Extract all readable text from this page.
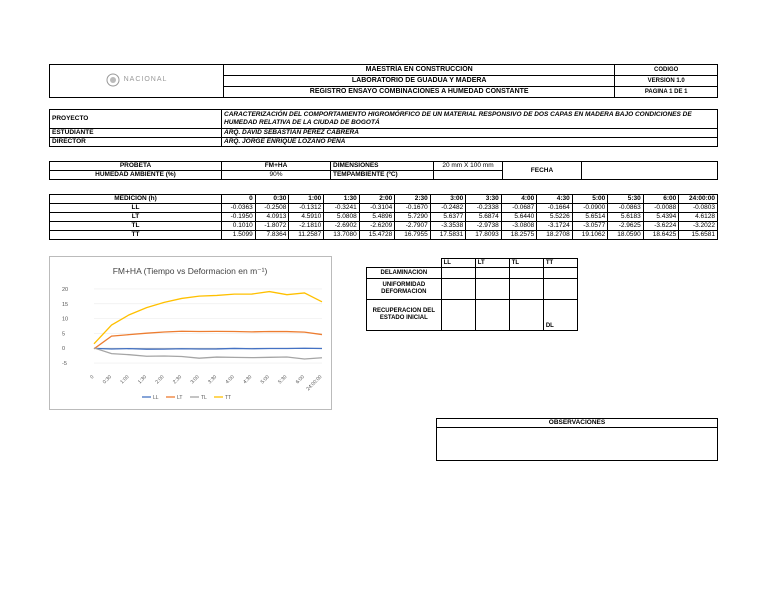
NACIONAL	MAESTRÍA EN CONSTRUCCIÓN	CODIGO
	LABORATORIO DE GUADUA Y MADERA	VERSION 1.0
	REGISTRO ENSAYO COMBINACIONES A HUMEDAD CONSTANTE	PAGINA 1 DE 1
PROYECTO	CARACTERIZACIÓN DEL COMPORTAMIENTO HIGROMÓRFICO DE UN MATERIAL RESPONSIVO DE DOS CAPAS EN MADERA BAJO CONDICIONES DE HUMEDAD RELATIVA DE LA CIUDAD DE BOGOTÁ
ESTUDIANTE	ARQ. DAVID SEBASTIAN PÉREZ CABRERA
DIRECTOR	ARQ. JORGE ENRIQUE LOZANO PEÑA
PROBETA	FM+HA	DIMENSIONES	20 mm X 100 mm	FECHA	
HUMEDAD AMBIENTE (%)	90%	TEMPAMBIENTE (ºC)			
MEDICION (h)	0	0:30	1:00	1:30	2:00	2:30	3:00	3:30	4:00	4:30	5:00	5:30	6:00	24:00:00
LL	-0.0363	-0.2508	-0.1312	-0.3241	-0.3104	-0.1670	-0.2482	-0.2338	-0.0687	-0.1664	-0.0900	-0.0863	-0.0088	-0.0803
LT	-0.1950	4.0913	4.5910	5.0808	5.4896	5.7290	5.6377	5.6874	5.6440	5.5226	5.6514	5.6183	5.4394	4.6128
TL	0.1010	-1.8072	-2.1810	-2.6902	-2.6209	-2.7907	-3.3538	-2.9738	-3.0808	-3.1724	-3.0577	-2.9625	-3.6224	-3.2022
TT	1.5099	7.8364	11.2587	13.7080	15.4728	16.7955	17.5831	17.8093	18.2575	18.2708	19.1062	18.0590	18.6425	15.6581
FM+HA (Tiempo vs Deformacion en m⁻¹)
-5
0
5
10
15
20
0 0:30 1:00 1:30 2:00 2:30 3:00 3:30 4:00 4:30 5:00 5:30 6:00 24:00:00
LL	LT	TL	TT
	LL	LT	TL	TT
DELAMINACION				
UNIFORMIDAD DEFORMACION				
RECUPERACION DEL ESTADO INICIAL				DL
OBSERVACIONES
